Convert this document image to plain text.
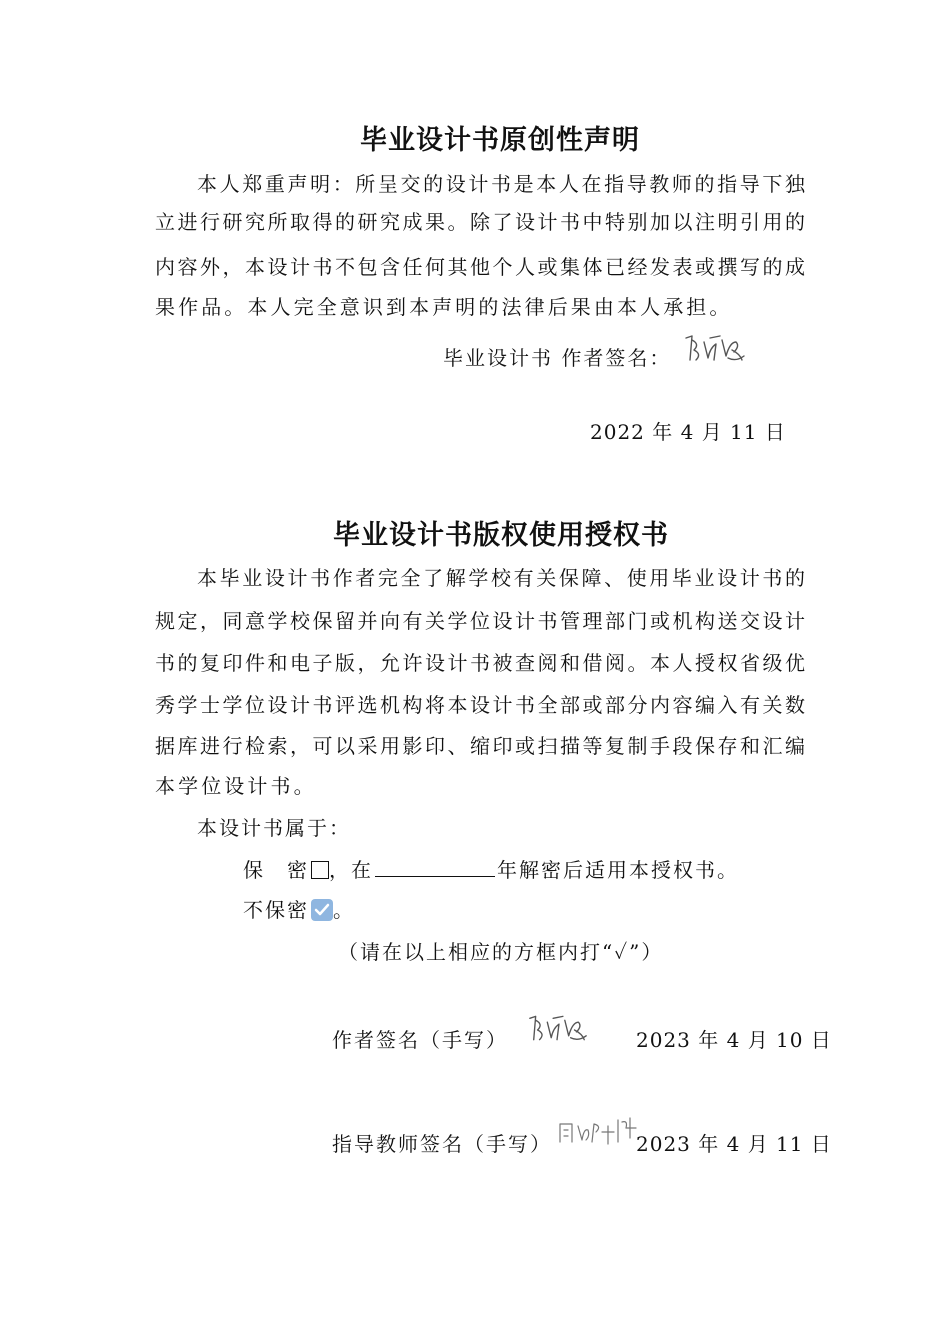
毕业设计书原创性声明
本人郑重声明：所呈交的设计书是本人在指导教师的指导下独
立进行研究所取得的研究成果。除了设计书中特别加以注明引用的
内容外，本设计书不包含任何其他个人或集体已经发表或撰写的成
果作品。本人完全意识到本声明的法律后果由本人承担。
毕业设计书 作者签名：
2022 年 4 月 11 日
毕业设计书版权使用授权书
本毕业设计书作者完全了解学校有关保障、使用毕业设计书的
规定，同意学校保留并向有关学位设计书管理部门或机构送交设计
书的复印件和电子版，允许设计书被查阅和借阅。本人授权省级优
秀学士学位设计书评选机构将本设计书全部或部分内容编入有关数
据库进行检索，可以采用影印、缩印或扫描等复制手段保存和汇编
本学位设计书。
本设计书属于：
保　密 ，在	年解密后适用本授权书。
不保密 。
（请在以上相应的方框内打“✓”）
作者签名（手写）	2023 年 4 月 10 日
指导教师签名（手写）	2023 年 4 月 11 日
